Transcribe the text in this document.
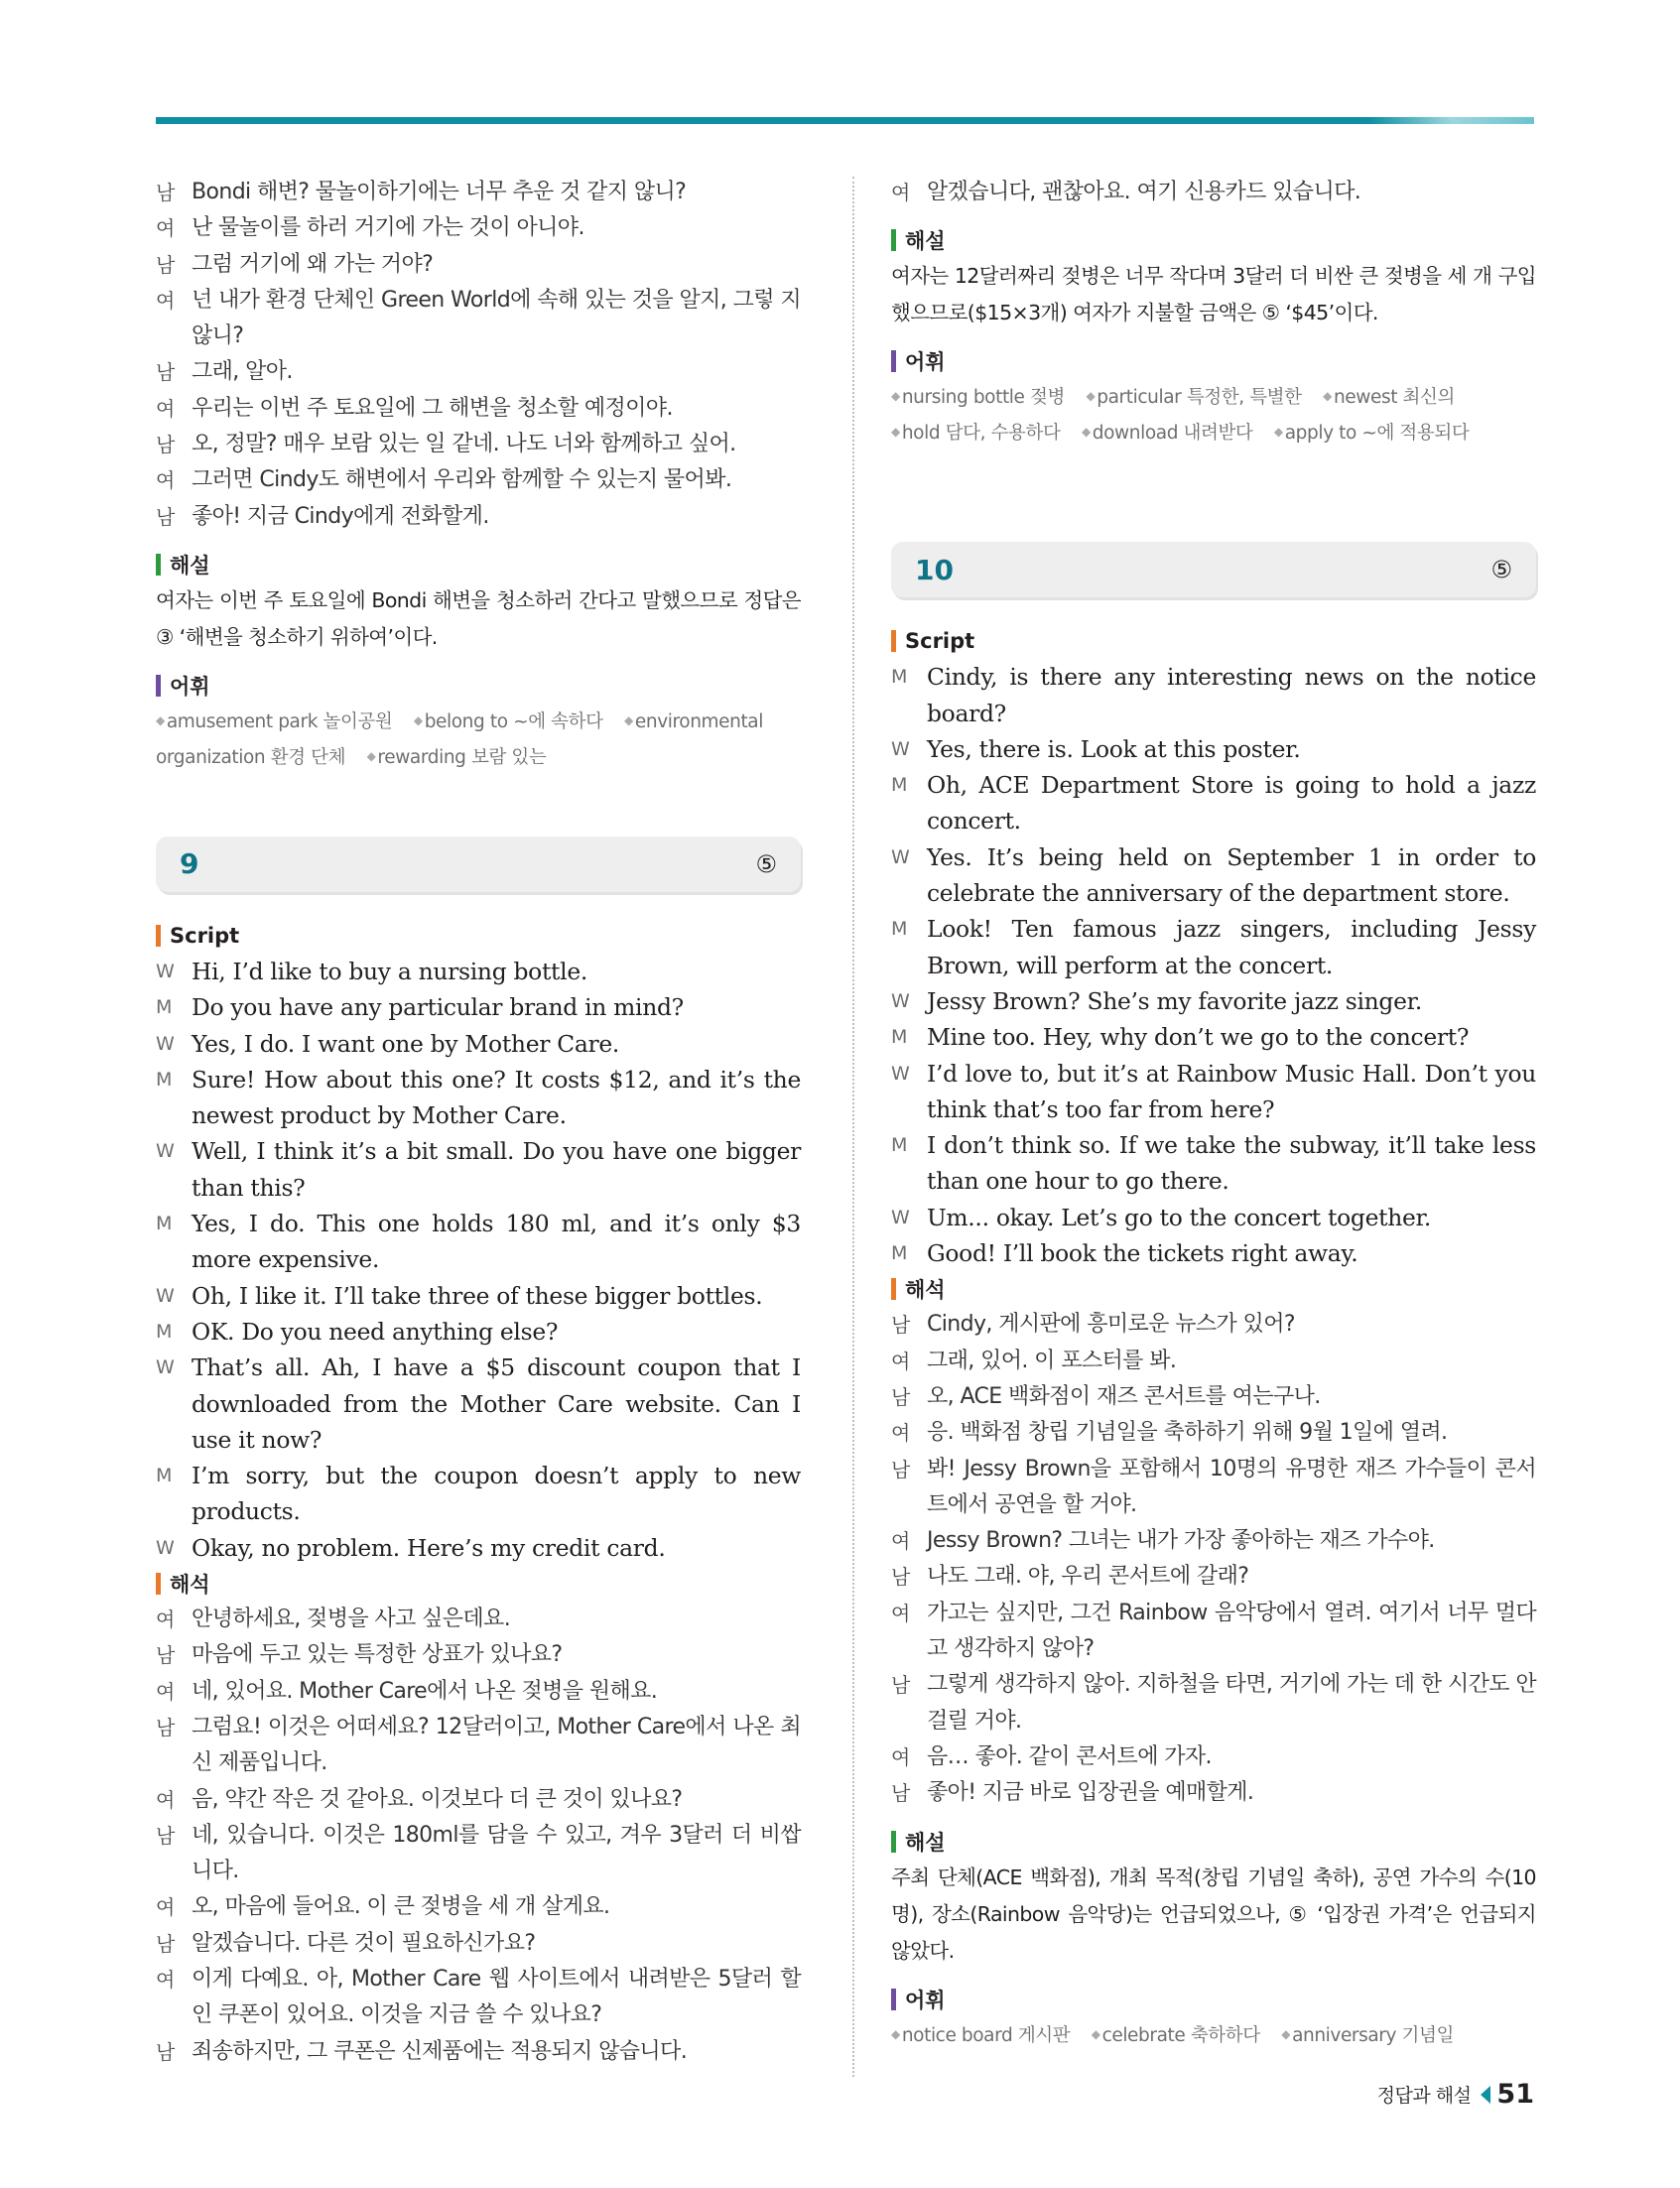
남 Bondi 해변? 물놀이하기에는 너무 추운 것 같지 않니?
여 난 물놀이를 하러 거기에 가는 것이 아니야.
남 그럼 거기에 왜 가는 거야?
여 넌 내가 환경 단체인 Green World에 속해 있는 것을 알지, 그렇 지 않니?
남 그래, 알아.
여 우리는 이번 주 토요일에 그 해변을 청소할 예정이야.
남 오, 정말? 매우 보람 있는 일 같네. 나도 너와 함께하고 싶어.
여 그러면 Cindy도 해변에서 우리와 함께할 수 있는지 물어봐.
남 좋아! 지금 Cindy에게 전화할게.
해설
여자는 이번 주 토요일에 Bondi 해변을 청소하러 간다고 말했으므로 정답은 ③ ‘해변을 청소하기 위하여’이다.
어휘
◆ amusement park 놀이공원 ◆ belong to ~에 속하다 ◆ environmental organization 환경 단체 ◆ rewarding 보람 있는
9	⑤
Script
W Hi, I’d like to buy a nursing bottle.
M Do you have any particular brand in mind?
W Yes, I do. I want one by Mother Care.
M Sure! How about this one? It costs $12, and it’s the newest product by Mother Care.
W Well, I think it’s a bit small. Do you have one bigger than this?
M Yes, I do. This one holds 180 ml, and it’s only $3 more expensive.
W Oh, I like it. I’ll take three of these bigger bottles.
M OK. Do you need anything else?
W That’s all. Ah, I have a $5 discount coupon that I downloaded from the Mother Care website. Can I use it now?
M I’m sorry, but the coupon doesn’t apply to new products.
W Okay, no problem. Here’s my credit card.
해석
여 안녕하세요, 젖병을 사고 싶은데요.
남 마음에 두고 있는 특정한 상표가 있나요?
여 네, 있어요. Mother Care에서 나온 젖병을 원해요.
남 그럼요! 이것은 어떠세요? 12달러이고, Mother Care에서 나온 최신 제품입니다.
여 음, 약간 작은 것 같아요. 이것보다 더 큰 것이 있나요?
남 네, 있습니다. 이것은 180ml를 담을 수 있고, 겨우 3달러 더 비쌉니다.
여 오, 마음에 들어요. 이 큰 젖병을 세 개 살게요.
남 알겠습니다. 다른 것이 필요하신가요?
여 이게 다예요. 아, Mother Care 웹 사이트에서 내려받은 5달러 할인 쿠폰이 있어요. 이것을 지금 쓸 수 있나요?
남 죄송하지만, 그 쿠폰은 신제품에는 적용되지 않습니다.
여 알겠습니다, 괜찮아요. 여기 신용카드 있습니다.
해설
여자는 12달러짜리 젖병은 너무 작다며 3달러 더 비싼 큰 젖병을 세 개 구입했으므로($15×3개) 여자가 지불할 금액은 ⑤ ‘$45’이다.
어휘
◆ nursing bottle 젖병 ◆ particular 특정한, 특별한 ◆ newest 최신의 ◆ hold 담다, 수용하다 ◆ download 내려받다 ◆ apply to ~에 적용되다
10	⑤
Script
M Cindy, is there any interesting news on the notice board?
W Yes, there is. Look at this poster.
M Oh, ACE Department Store is going to hold a jazz concert.
W Yes. It’s being held on September 1 in order to celebrate the anniversary of the department store.
M Look! Ten famous jazz singers, including Jessy Brown, will perform at the concert.
W Jessy Brown? She’s my favorite jazz singer.
M Mine too. Hey, why don’t we go to the concert?
W I’d love to, but it’s at Rainbow Music Hall. Don’t you think that’s too far from here?
M I don’t think so. If we take the subway, it’ll take less than one hour to go there.
W Um... okay. Let’s go to the concert together.
M Good! I’ll book the tickets right away.
해석
남 Cindy, 게시판에 흥미로운 뉴스가 있어?
여 그래, 있어. 이 포스터를 봐.
남 오, ACE 백화점이 재즈 콘서트를 여는구나.
여 응. 백화점 창립 기념일을 축하하기 위해 9월 1일에 열려.
남 봐! Jessy Brown을 포함해서 10명의 유명한 재즈 가수들이 콘서트에서 공연을 할 거야.
여 Jessy Brown? 그녀는 내가 가장 좋아하는 재즈 가수야.
남 나도 그래. 야, 우리 콘서트에 갈래?
여 가고는 싶지만, 그건 Rainbow 음악당에서 열려. 여기서 너무 멀다고 생각하지 않아?
남 그렇게 생각하지 않아. 지하철을 타면, 거기에 가는 데 한 시간도 안 걸릴 거야.
여 음… 좋아. 같이 콘서트에 가자.
남 좋아! 지금 바로 입장권을 예매할게.
해설
주최 단체(ACE 백화점), 개최 목적(창립 기념일 축하), 공연 가수의 수(10명), 장소(Rainbow 음악당)는 언급되었으나, ⑤ ‘입장권 가격’은 언급되지 않았다.
어휘
◆ notice board 게시판 ◆ celebrate 축하하다 ◆ anniversary 기념일
정답과 해설 51
